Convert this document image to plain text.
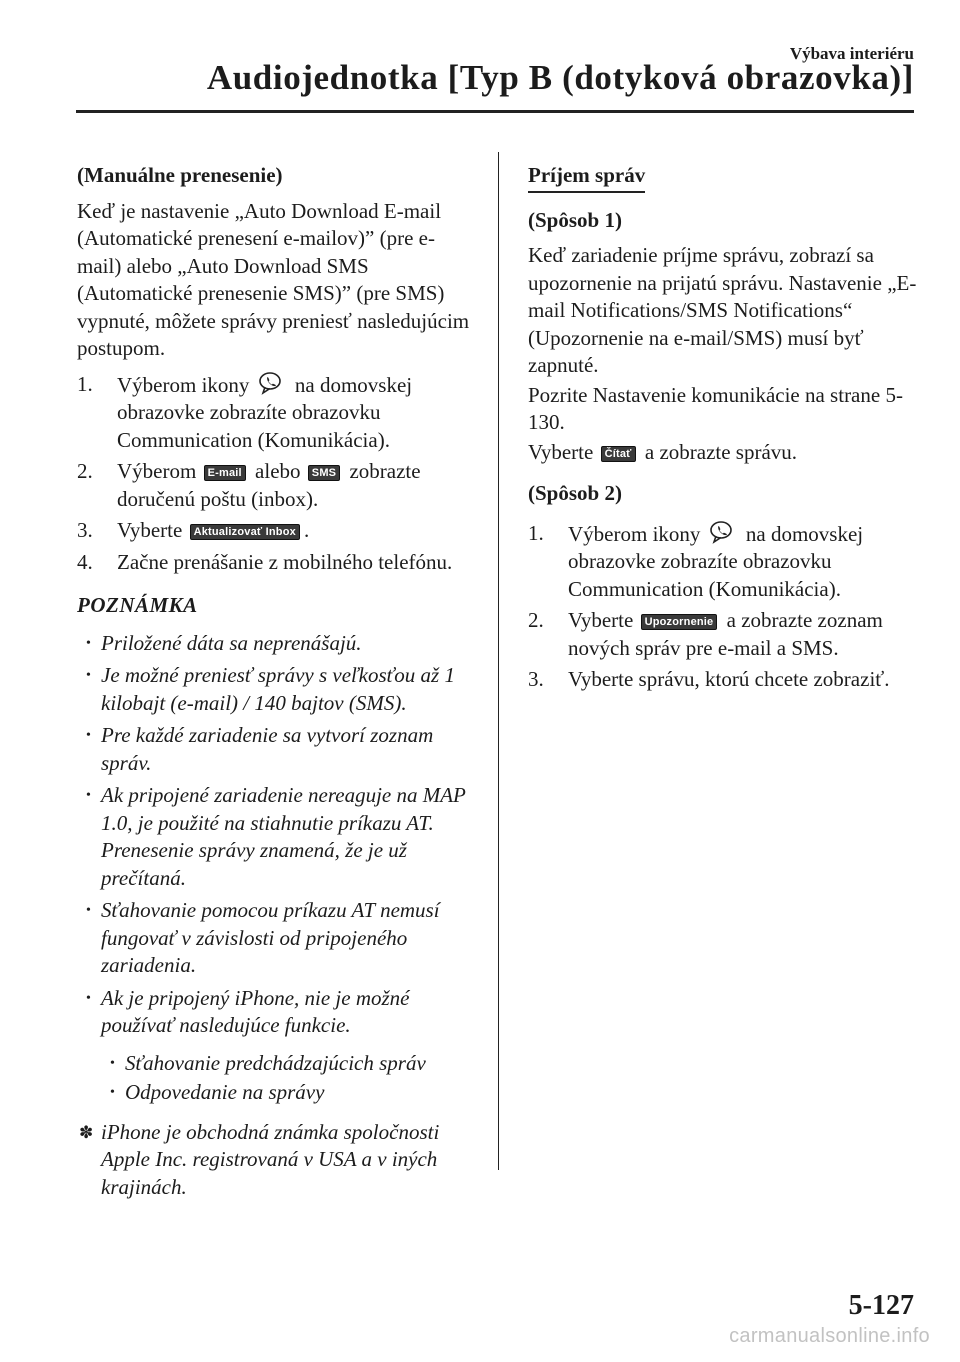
Výbava interiéru
Audiojednotka [Typ B (dotyková obrazovka)]

(Manuálne prenesenie)

Keď je nastavenie „Auto Download E-mail (Automatické prenesení e-mailov)” (pre e-mail) alebo „Auto Download SMS (Automatické prenesenie SMS)” (pre SMS) vypnuté, môžete správy preniesť nasledujúcim postupom.

1. Výberom ikony na domovskej obrazovke zobrazíte obrazovku Communication (Komunikácia).
2. Výberom E-mail alebo SMS zobrazte doručenú poštu (inbox).
3. Vyberte Aktualizovať Inbox .
4. Začne prenášanie z mobilného telefónu.
POZNÁMKA
• Priložené dáta sa neprenášajú.
• Je možné preniesť správy s veľkosťou až 1 kilobajt (e-mail) / 140 bajtov (SMS).
• Pre každé zariadenie sa vytvorí zoznam správ.
• Ak pripojené zariadenie nereaguje na MAP 1.0, je použité na stiahnutie príkazu AT. Prenesenie správy znamená, že je už prečítaná.
• Sťahovanie pomocou príkazu AT nemusí fungovať v závislosti od pripojeného zariadenia.
• Ak je pripojený iPhone, nie je možné používať nasledujúce funkcie.
• Sťahovanie predchádzajúcich správ
• Odpovedanie na správy
✽ iPhone je obchodná známka spoločnosti Apple Inc. registrovaná v USA a v iných krajinách.
Príjem správ

(Spôsob 1)

Keď zariadenie príjme správu, zobrazí sa upozornenie na prijatú správu. Nastavenie „E-mail Notifications/SMS Notifications“ (Upozornenie na e-mail/SMS) musí byť zapnuté.

Pozrite Nastavenie komunikácie na strane 5-130.

Vyberte Čítať a zobrazte správu.

(Spôsob 2)

1. Výberom ikony na domovskej obrazovke zobrazíte obrazovku Communication (Komunikácia).
2. Vyberte Upozornenie a zobrazte zoznam nových správ pre e-mail a SMS.
3. Vyberte správu, ktorú chcete zobraziť.
5-127
carmanualsonline.info
